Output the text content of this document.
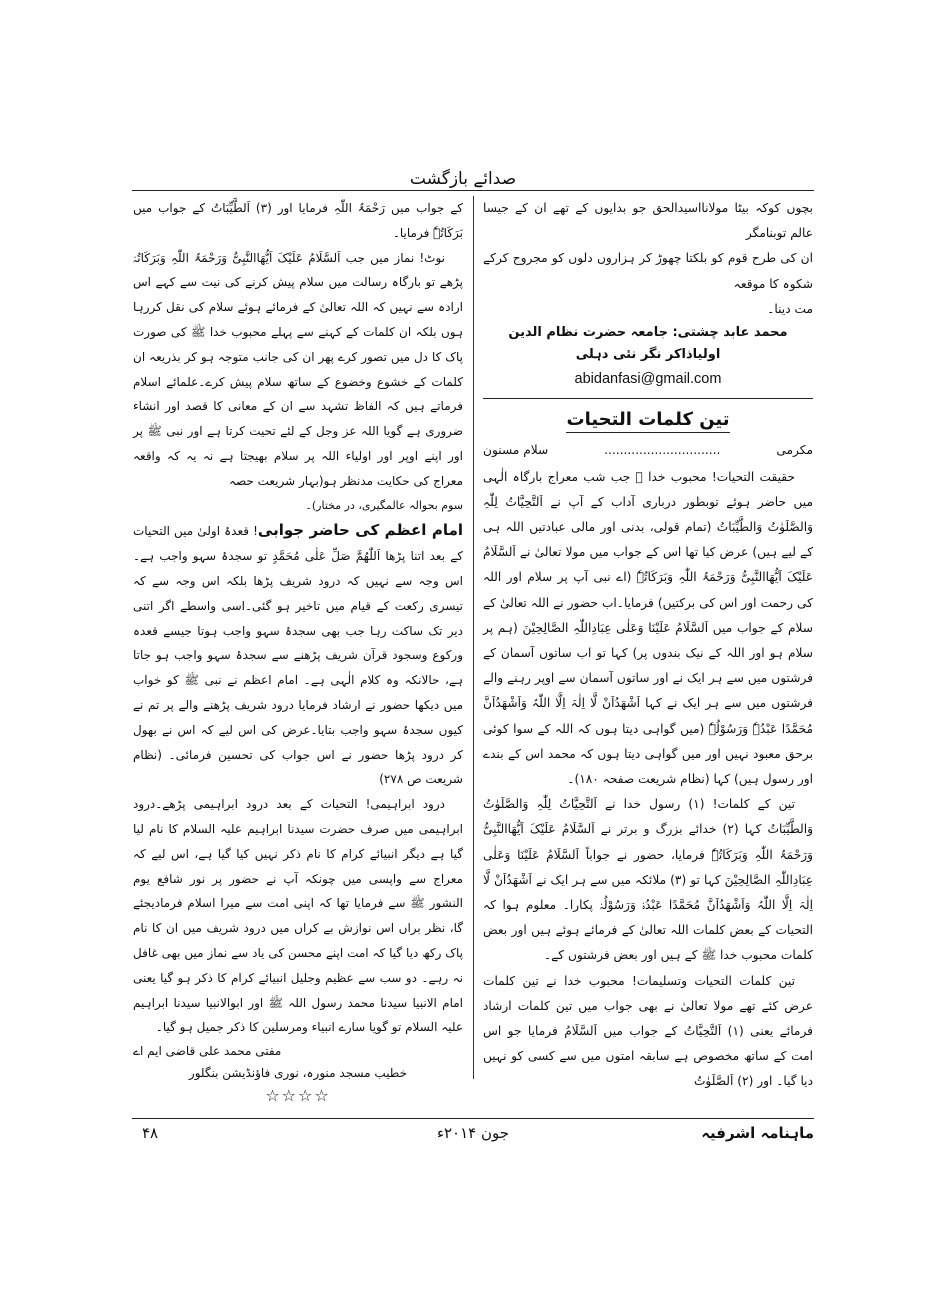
صدائے بازگشت

بچوں کوکہ بیٹا مولانااسیدالحق جو بدایوں کے تھے ان کے جیسا عالم توبنامگر

ان کی طرح قوم کو بلکتا چھوڑ کر ہزاروں دلوں کو مجروح کرکے شکوہ کا موقعہ

مت دینا۔

محمد عابد چشتی: جامعہ حضرت نظام الدین اولیاذاکر نگر نئی دہلی

abidanfasi@gmail.com

تین کلمات التحیات

مکرمی
..............................
سلام مسنون

حقیقت التحیات! محبوب خدا ﷺ جب شب معراج بارگاہ الٰہی میں حاضر ہوئے توبطور درباری آداب کے آپ نے اَلتَّحِیَّاتُ لِلّٰہِ وَالصَّلَوٰتُ وَالطَّیِّبَاتُ (تمام قولی، بدنی اور مالی عبادتیں اللہ ہی کے لیے ہیں) عرض کیا تھا اس کے جواب میں مولا تعالیٰ نے اَلسَّلَامُ عَلَیْکَ اَیُّھَاالنَّبِیُّ وَرَحْمَۃُ اللّٰہِ وَبَرَکَاتُہٗ (اے نبی آپ پر سلام اور اللہ کی رحمت اور اس کی برکتیں) فرمایا۔اب حضور نے اللہ تعالیٰ کے سلام کے جواب میں اَلسَّلَامُ عَلَیْنَا وَعَلٰی عِبَادِاللّٰہِ الصَّالِحِیْنَ (ہم پر سلام ہو اور اللہ کے نیک بندوں پر) کہا تو اب ساتوں آسمان کے فرشتوں میں سے ہر ایک نے اور ساتوں آسمان سے اوپر رہنے والے فرشتوں میں سے ہر ایک نے کہا اَشْھَدُاَنْ لَّا اِلٰہَ اِلَّا اللّٰہُ وَاَشْھَدُاَنَّ مُحَمَّدًا عَبْدُہٗ وَرَسُوْلُہٗ (میں گواہی دیتا ہوں کہ اللہ کے سوا کوئی برحق معبود نہیں اور میں گواہی دیتا ہوں کہ محمد اس کے بندے اور رسول ہیں) کہا (نظام شریعت صفحہ ۱۸۰)۔

تین کے کلمات! (۱) رسول خدا نے اَلتَّحِیَّاتُ لِلّٰہِ وَالصَّلَوٰتُ وَالطَّیِّبَاتُ کہا (۲) خدائے بزرگ و برتر نے اَلسَّلَامُ عَلَیْکَ اَیُّھَاالنَّبِیُّ وَرَحْمَۃُ اللّٰہِ وَبَرَکَاتُہٗ فرمایا، حضور نے جواباً اَلسَّلَامُ عَلَیْنَا وَعَلٰی عِبَادِاللّٰہِ الصَّالِحِیْنَ کہا تو (۳) ملائکہ میں سے ہر ایک نے اَشْھَدُاَنْ لَّا اِلٰہَ اِلَّا اللّٰہُ وَاَشْھَدُاَنَّ مُحَمَّدًا عَبْدُہٗ وَرَسُوْلُہٗ پکارا۔ معلوم ہوا کہ التحیات کے بعض کلمات اللہ تعالیٰ کے فرمائے ہوئے ہیں اور بعض کلمات محبوب خدا ﷺ کے ہیں اور بعض فرشتوں کے۔

تین کلمات التحیات وتسلیمات! محبوب خدا نے تین کلمات عرض کئے تھے مولا تعالیٰ نے بھی جواب میں تین کلمات ارشاد فرمائے یعنی (۱) اَلتَّحِیَّاتُ کے جواب میں اَلسَّلَامُ فرمایا جو اس امت کے ساتھ مخصوص ہے سابقہ امتوں میں سے کسی کو نہیں دیا گیا۔ اور (۲) اَلصَّلَوٰتُ

کے جواب میں رَحْمَۃُ اللّٰہِ فرمایا اور (۳) اَلطَّیِّبَاتُ کے جواب میں بَرَکَاتُہٗ فرمایا۔

نوٹ! نماز میں جب اَلسَّلَامُ عَلَیْکَ اَیُّھَاالنَّبِیُّ وَرَحْمَۃُ اللّٰہِ وَبَرَکَاتُہٗ پڑھے تو بارگاہ رسالت میں سلام پیش کرنے کی نیت سے کہے اس ارادہ سے نہیں کہ اللہ تعالیٰ کے فرمائے ہوئے سلام کی نقل کررہا ہوں بلکہ ان کلمات کے کہنے سے پہلے محبوب خدا ﷺ کی صورت پاک کا دل میں تصور کرے پھر ان کی جانب متوجہ ہو کر بذریعہ ان کلمات کے خشوع وخضوع کے ساتھ سلام پیش کرے۔علمائے اسلام فرماتے ہیں کہ الفاظ تشہد سے ان کے معانی کا قصد اور انشاء ضروری ہے گویا اللہ عز وجل کے لئے تحیت کرتا ہے اور نبی ﷺ پر اور اپنے اوپر اور اولیاء اللہ پر سلام بھیجتا ہے نہ یہ کہ واقعہ معراج کی حکایت مدنظر ہو(بہار شریعت حصہ

سوم بحوالہ عالمگیری، در مختار)۔

امام اعظم کی حاضر جوابی! قعدۂ اولیٰ میں التحیات کے بعد اتنا پڑھا اَللّٰھُمَّ صَلِّ عَلٰی مُحَمَّدٍ تو سجدۂ سہو واجب ہے۔اس وجہ سے نہیں کہ درود شریف پڑھا بلکہ اس وجہ سے کہ تیسری رکعت کے قیام میں تاخیر ہو گئی۔اسی واسطے اگر اتنی دیر تک ساکت رہا جب بھی سجدۂ سہو واجب ہوتا جیسے قعدہ ورکوع وسجود قرآن شریف پڑھنے سے سجدۂ سہو واجب ہو جاتا ہے، حالانکہ وہ کلام الٰہی ہے۔ امام اعظم نے نبی ﷺ کو خواب میں دیکھا حضور نے ارشاد فرمایا درود شریف پڑھنے والے پر تم نے کیوں سجدۂ سہو واجب بتایا۔عرض کی اس لیے کہ اس نے بھول کر درود پڑھا حضور نے اس جواب کی تحسین فرمائی۔ (نظام شریعت ص ۲۷۸)

درود ابراہیمی! التحیات کے بعد درود ابراہیمی پڑھے۔درود ابراہیمی میں صرف حضرت سیدنا ابراہیم علیہ السلام کا نام لیا گیا ہے دیگر انبیائے کرام کا نام ذکر نہیں کیا گیا ہے، اس لیے کہ معراج سے واپسی میں چونکہ آپ نے حضور پر نور شافع یوم النشور ﷺ سے فرمایا تھا کہ اپنی امت سے میرا اسلام فرمادیجئے گا، نظر براں اس نوازش بے کراں میں درود شریف میں ان کا نام پاک رکھ دیا گیا کہ امت اپنے محسن کی یاد سے نماز میں بھی غافل نہ رہے۔ دو سب سے عظیم وجلیل انبیائے کرام کا ذکر ہو گیا یعنی امام الانبیا سیدنا محمد رسول اللہ ﷺ اور ابوالانبیا سیدنا ابراہیم علیہ السلام تو گویا سارے انبیاء ومرسلین کا ذکر جمیل ہو گیا۔

مفتی محمد علی قاضی ایم اے

خطیب مسجد منورہ، نوری فاؤنڈیشن بنگلور

☆☆☆☆

ماہنامہ اشرفیہ
جون ۲۰۱۴ء
۴۸
